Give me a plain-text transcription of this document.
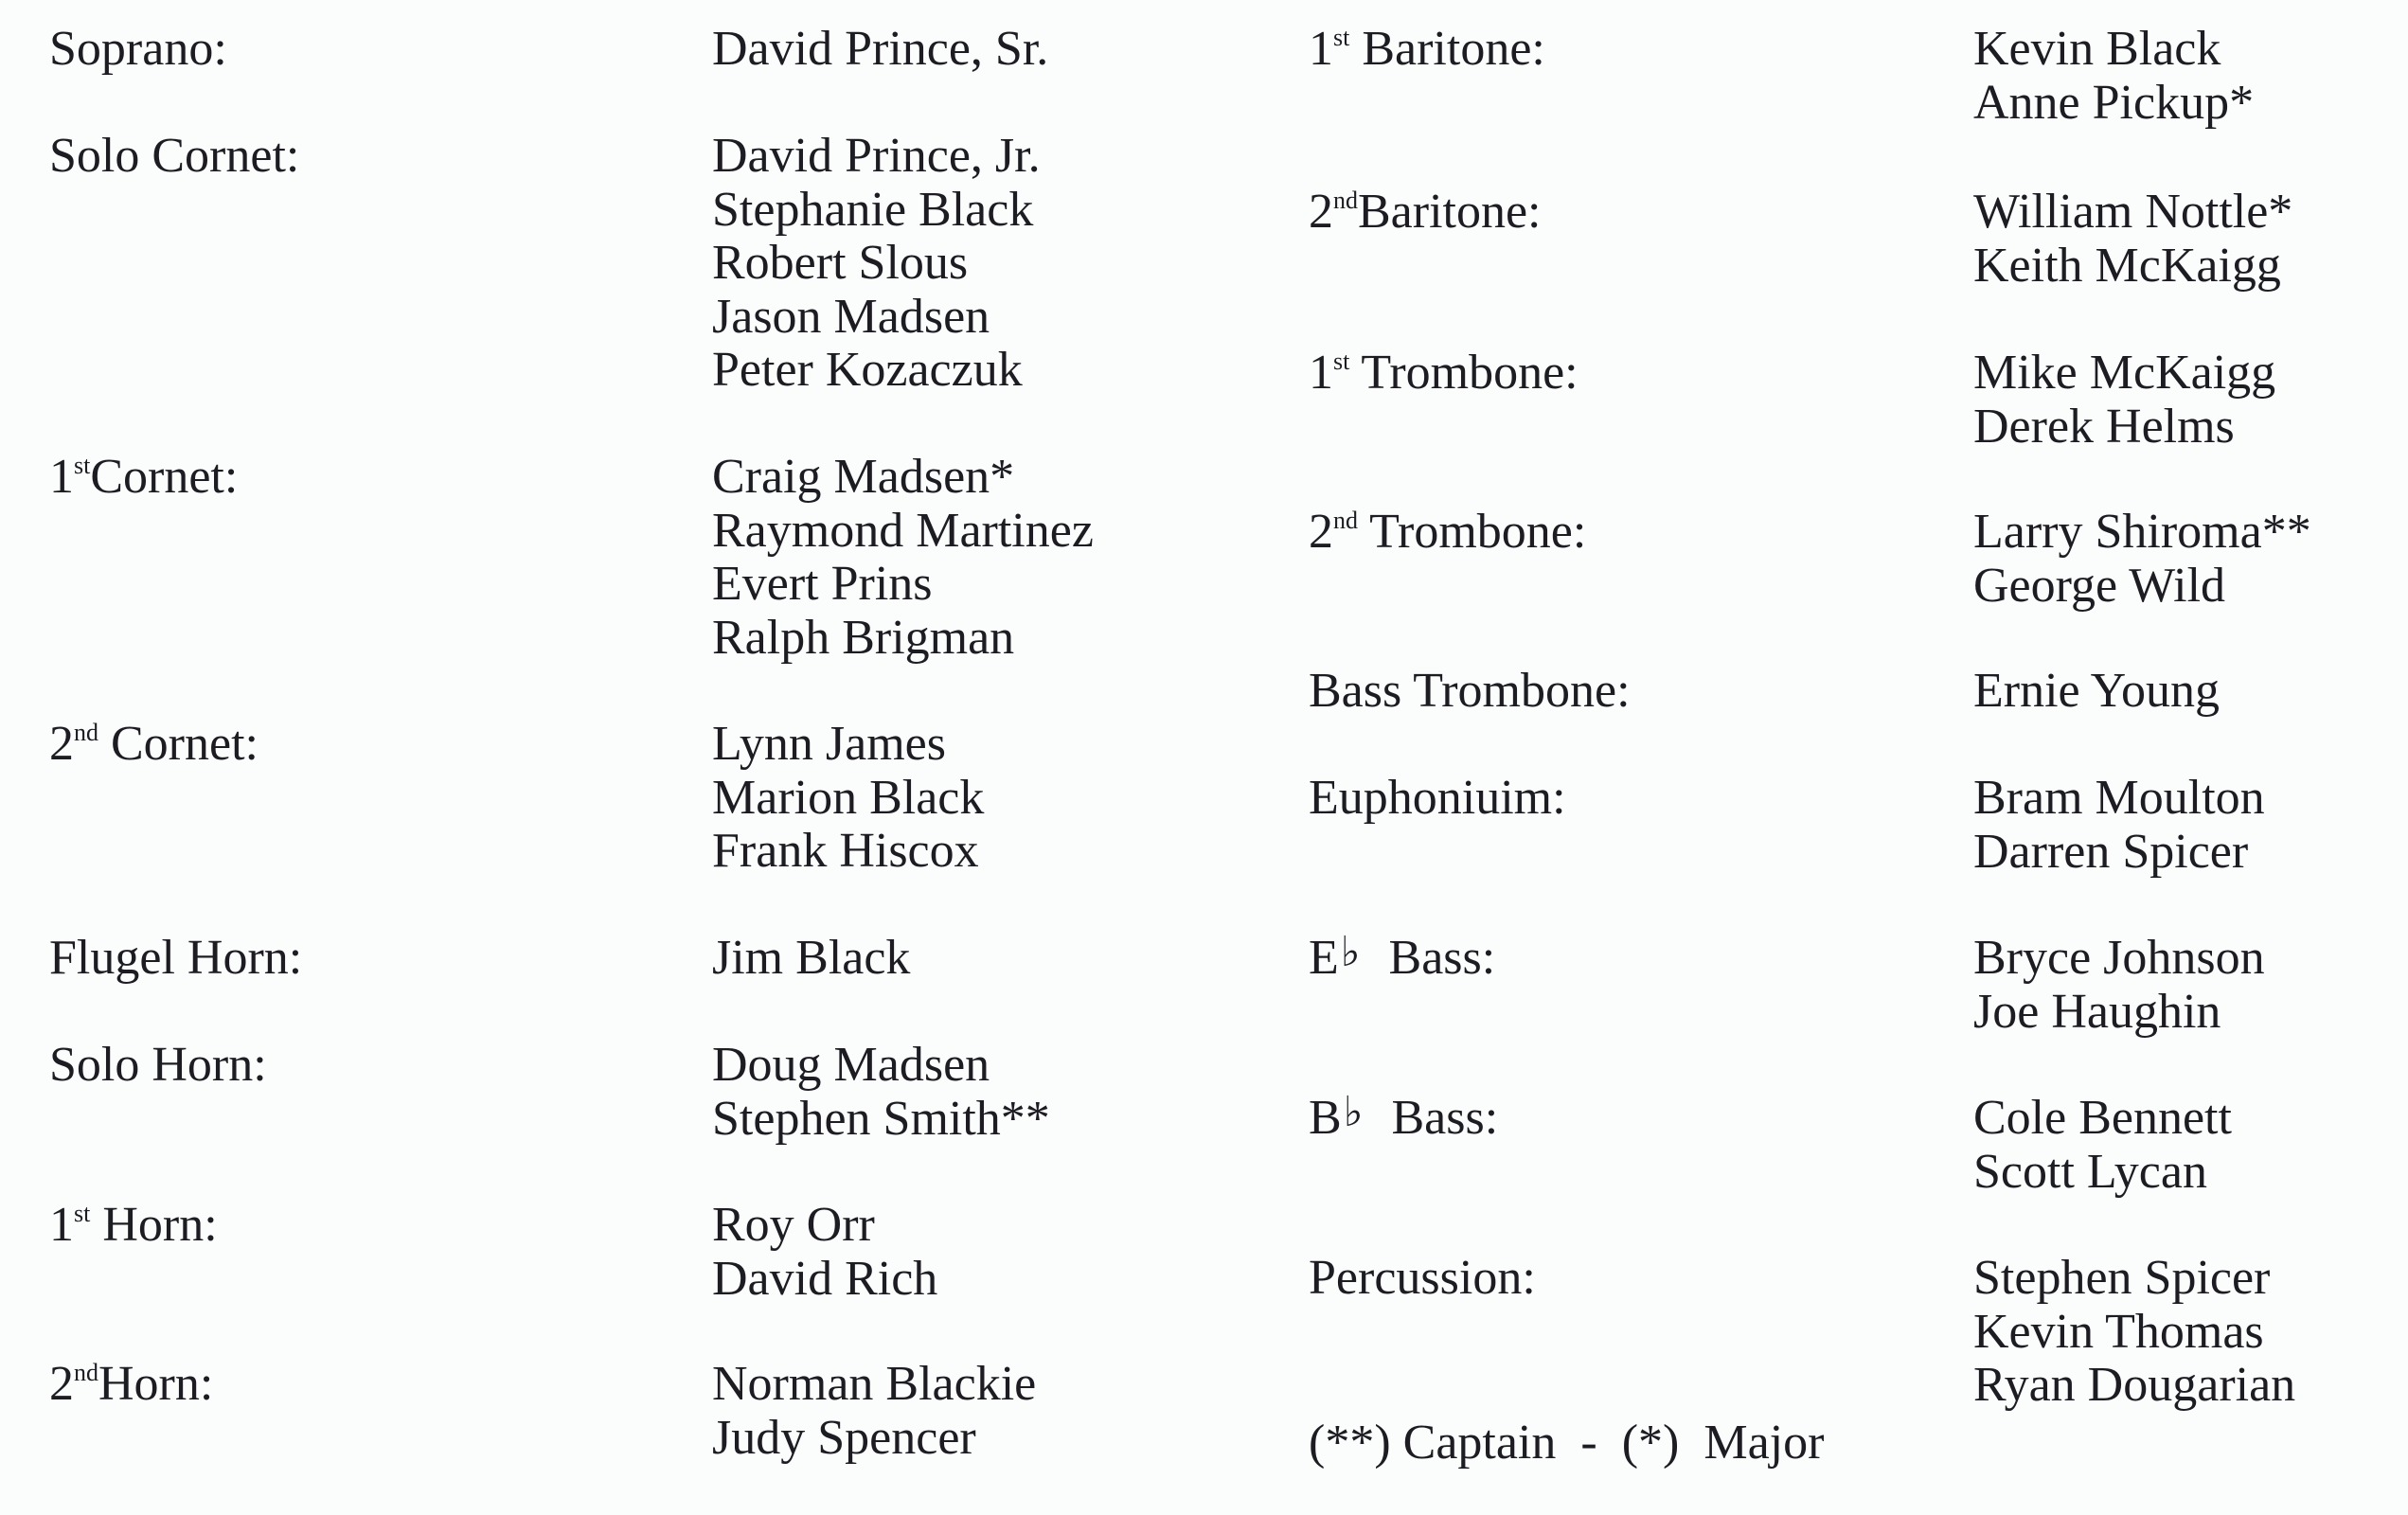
Soprano:	David Prince, Sr.
Solo Cornet:	David Prince, Jr.
Stephanie Black
Robert Slous
Jason Madsen
Peter Kozaczuk
1stCornet:	Craig Madsen*
Raymond Martinez
Evert Prins
Ralph Brigman
2nd Cornet:	Lynn James
Marion Black
Frank Hiscox
Flugel Horn:	Jim Black
Solo Horn:	Doug Madsen
Stephen Smith**
1st Horn:	Roy Orr
David Rich
2ndHorn:	Norman Blackie
Judy Spencer
1st Baritone:	Kevin Black
Anne Pickup*
2ndBaritone:	William Nottle*
Keith McKaigg
1st Trombone:	Mike McKaigg
Derek Helms
2nd Trombone:	Larry Shiroma**
George Wild
Bass Trombone:	Ernie Young
Euphoniuim:	Bram Moulton
Darren Spicer
E♭ Bass:	Bryce Johnson
Joe Haughin
B♭ Bass:	Cole Bennett
Scott Lycan
Percussion:	Stephen Spicer
Kevin Thomas
Ryan Dougarian
(**) Captain - (*)  Major
